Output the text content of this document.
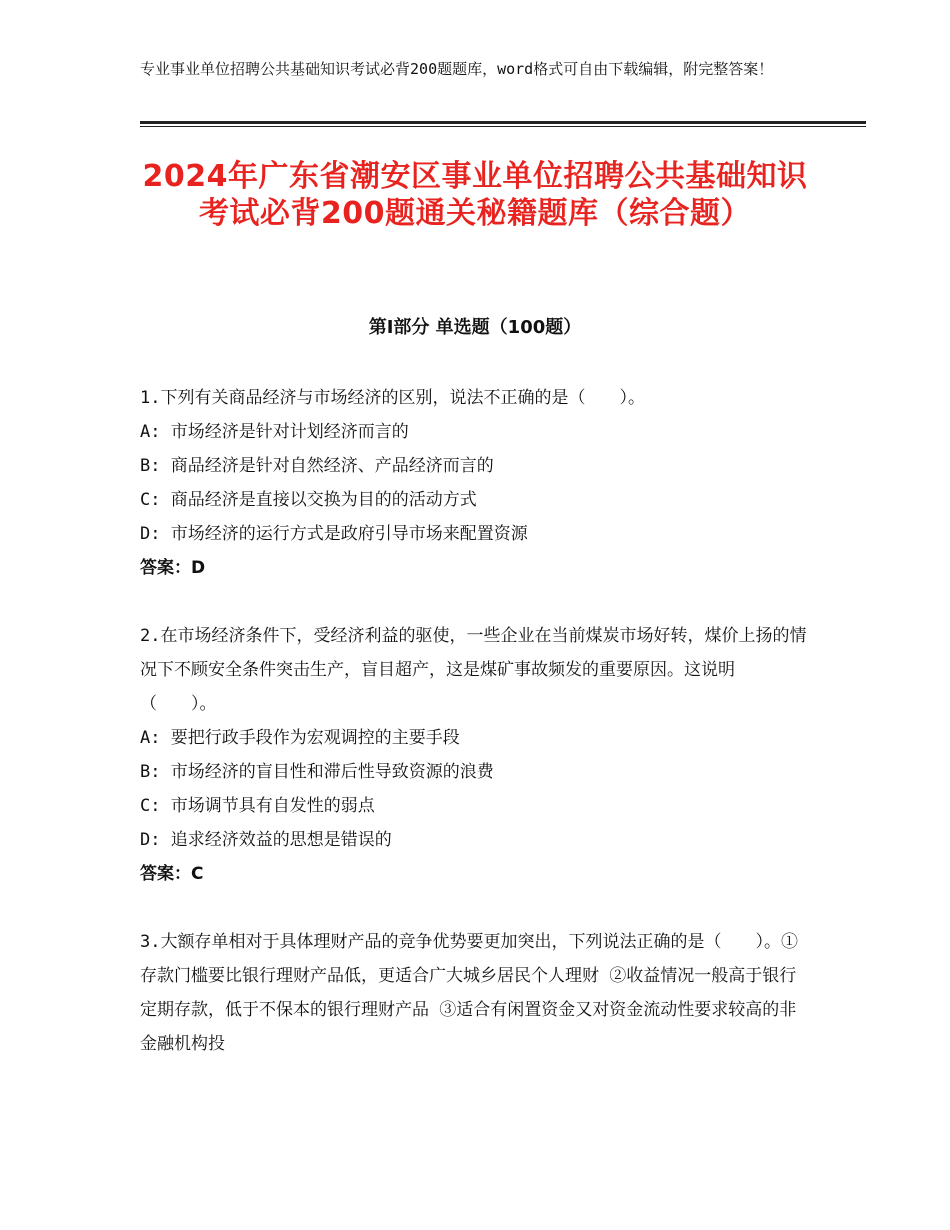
专业事业单位招聘公共基础知识考试必背200题题库，word格式可自由下载编辑，附完整答案！
2024年广东省潮安区事业单位招聘公共基础知识考试必背200题通关秘籍题库（综合题）
第Ⅰ部分 单选题（100题）
1.下列有关商品经济与市场经济的区别，说法不正确的是（　　）。
A: 市场经济是针对计划经济而言的
B: 商品经济是针对自然经济、产品经济而言的
C: 商品经济是直接以交换为目的的活动方式
D: 市场经济的运行方式是政府引导市场来配置资源
答案：D
2.在市场经济条件下，受经济利益的驱使，一些企业在当前煤炭市场好转，煤价上扬的情况下不顾安全条件突击生产，盲目超产，这是煤矿事故频发的重要原因。这说明（　　）。
A: 要把行政手段作为宏观调控的主要手段
B: 市场经济的盲目性和滞后性导致资源的浪费
C: 市场调节具有自发性的弱点
D: 追求经济效益的思想是错误的
答案：C
3.大额存单相对于具体理财产品的竞争优势要更加突出，下列说法正确的是（　　）。①存款门槛要比银行理财产品低，更适合广大城乡居民个人理财 ②收益情况一般高于银行定期存款，低于不保本的银行理财产品 ③适合有闲置资金又对资金流动性要求较高的非金融机构投
